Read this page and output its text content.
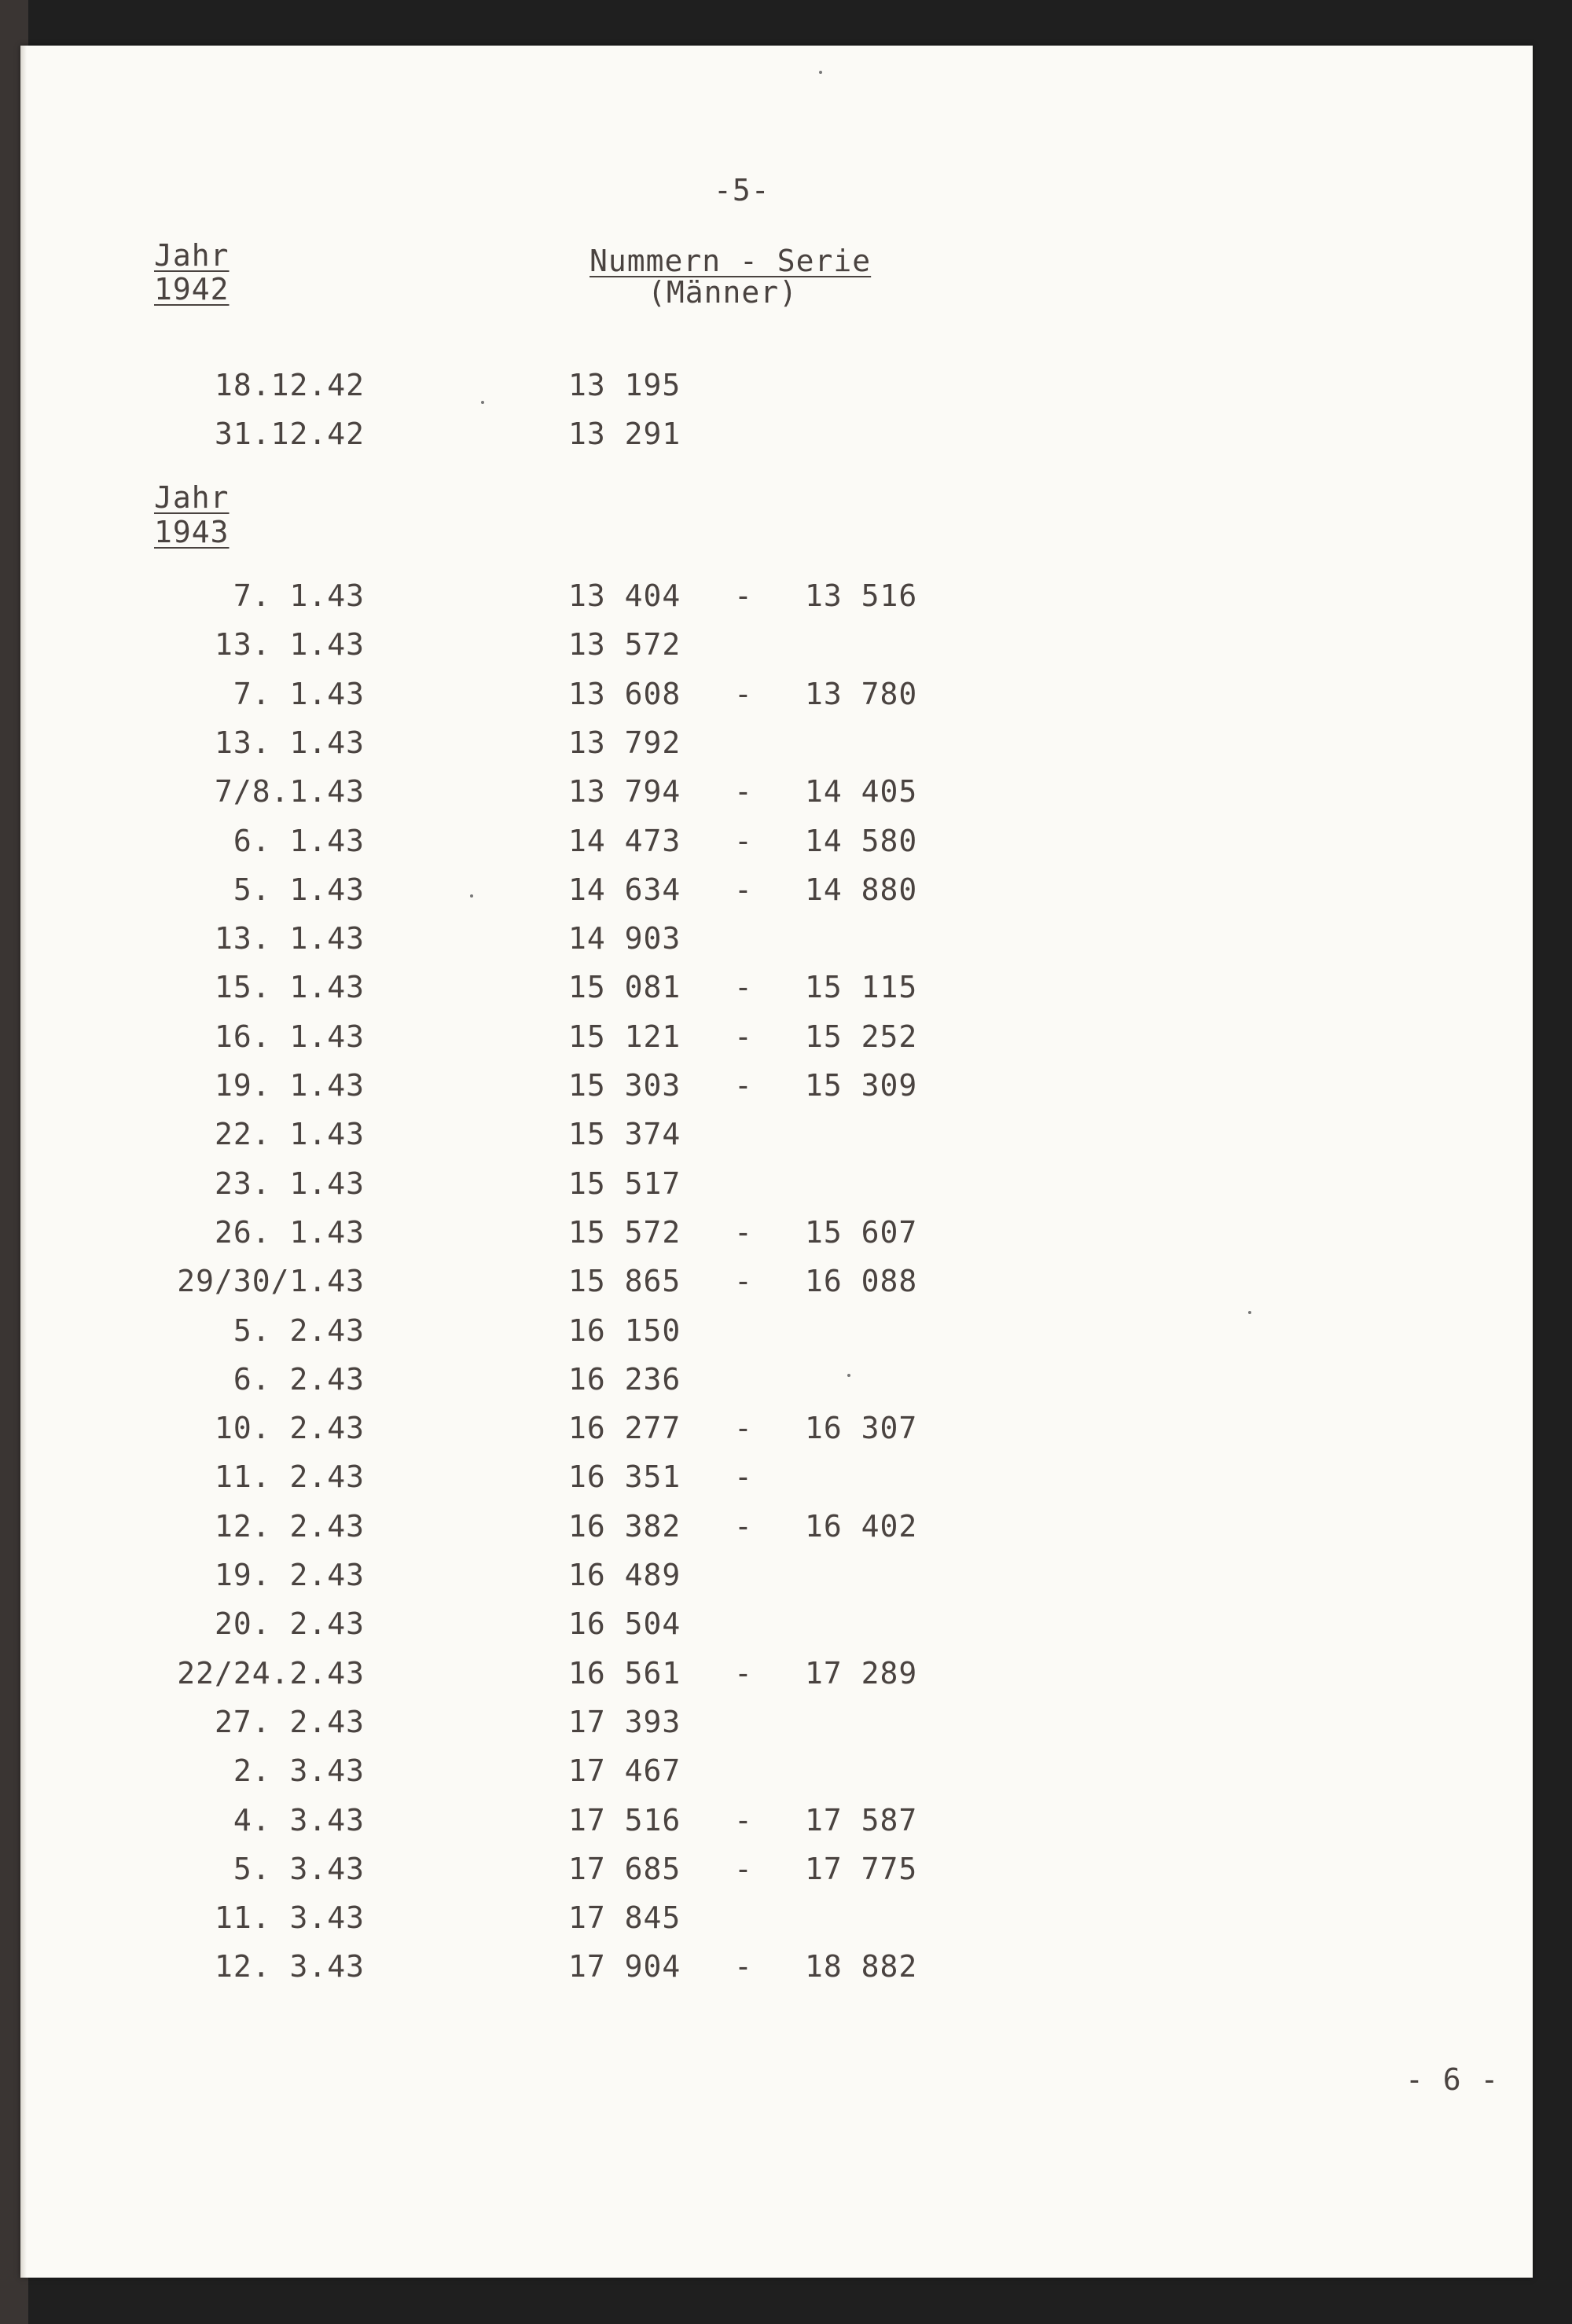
-5-
Jahr
1942
Nummern - Serie
(Männer)
18.12.42	13 195
31.12.42	13 291
Jahr
1943
7. 1.43	13 404 - 13 516
13. 1.43	13 572
7. 1.43	13 608 - 13 780
13. 1.43	13 792
7/8.1.43	13 794 - 14 405
6. 1.43	14 473 - 14 580
5. 1.43	14 634 - 14 880
13. 1.43	14 903
15. 1.43	15 081 - 15 115
16. 1.43	15 121 - 15 252
19. 1.43	15 303 - 15 309
22. 1.43	15 374
23. 1.43	15 517
26. 1.43	15 572 - 15 607
29/30/1.43	15 865 - 16 088
5. 2.43	16 150
6. 2.43	16 236
10. 2.43	16 277 - 16 307
11. 2.43	16 351 -
12. 2.43	16 382 - 16 402
19. 2.43	16 489
20. 2.43	16 504
22/24.2.43	16 561 - 17 289
27. 2.43	17 393
2. 3.43	17 467
4. 3.43	17 516 - 17 587
5. 3.43	17 685 - 17 775
11. 3.43	17 845
12. 3.43	17 904 - 18 882
- 6 -
